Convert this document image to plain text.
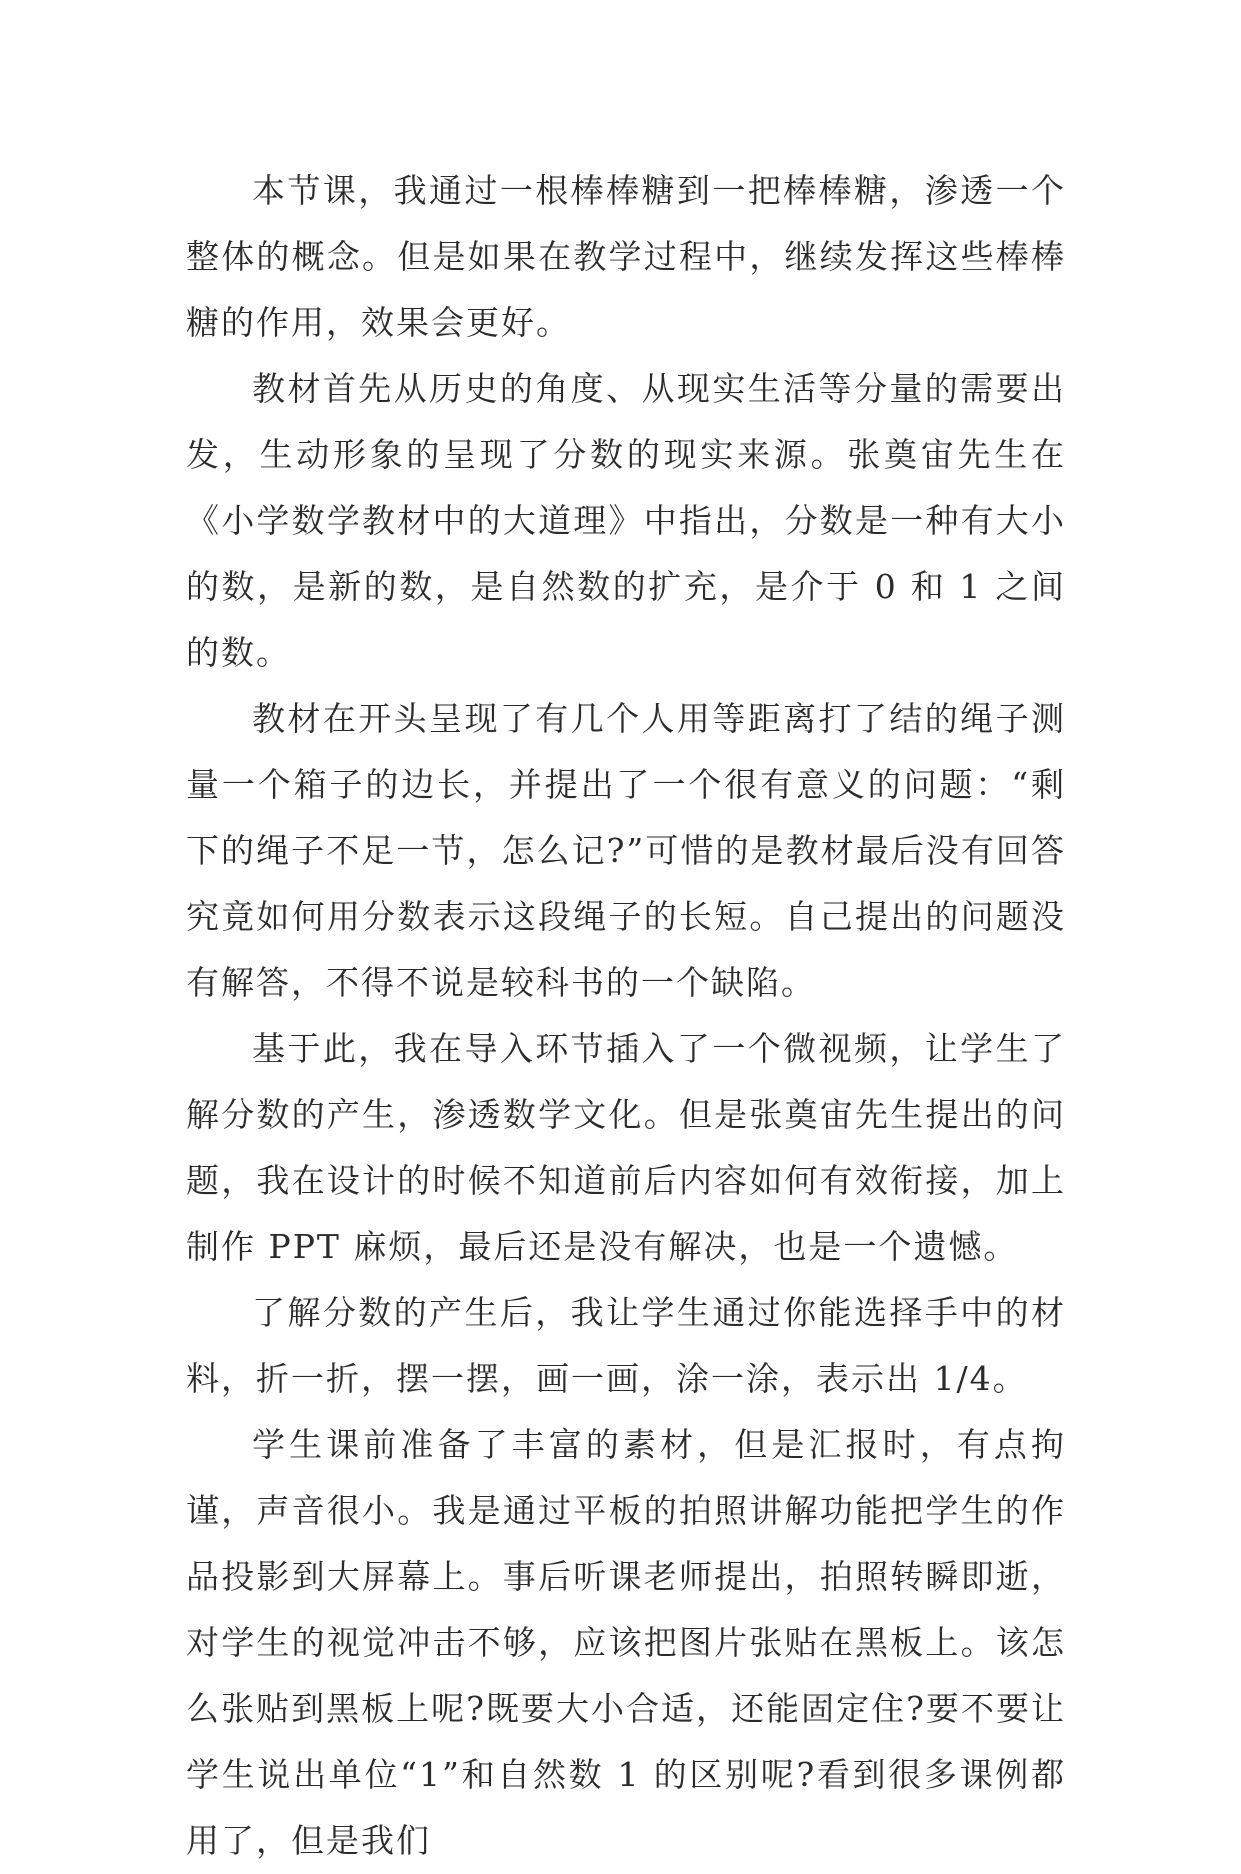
本节课，我通过一根棒棒糖到一把棒棒糖，渗透一个整体的概念。但是如果在教学过程中，继续发挥这些棒棒糖的作用，效果会更好。

教材首先从历史的角度、从现实生活等分量的需要出发，生动形象的呈现了分数的现实来源。张奠宙先生在《小学数学教材中的大道理》中指出，分数是一种有大小的数，是新的数，是自然数的扩充，是介于 0 和 1 之间的数。

教材在开头呈现了有几个人用等距离打了结的绳子测量一个箱子的边长，并提出了一个很有意义的问题：“剩下的绳子不足一节，怎么记?”可惜的是教材最后没有回答究竟如何用分数表示这段绳子的长短。自己提出的问题没有解答，不得不说是较科书的一个缺陷。

基于此，我在导入环节插入了一个微视频，让学生了解分数的产生，渗透数学文化。但是张奠宙先生提出的问题，我在设计的时候不知道前后内容如何有效衔接，加上制作 PPT 麻烦，最后还是没有解决，也是一个遗憾。

了解分数的产生后，我让学生通过你能选择手中的材料，折一折，摆一摆，画一画，涂一涂，表示出 1/4。

学生课前准备了丰富的素材，但是汇报时，有点拘谨，声音很小。我是通过平板的拍照讲解功能把学生的作品投影到大屏幕上。事后听课老师提出，拍照转瞬即逝，对学生的视觉冲击不够，应该把图片张贴在黑板上。该怎么张贴到黑板上呢?既要大小合适，还能固定住?要不要让学生说出单位“1”和自然数 1 的区别呢?看到很多课例都用了，但是我们
